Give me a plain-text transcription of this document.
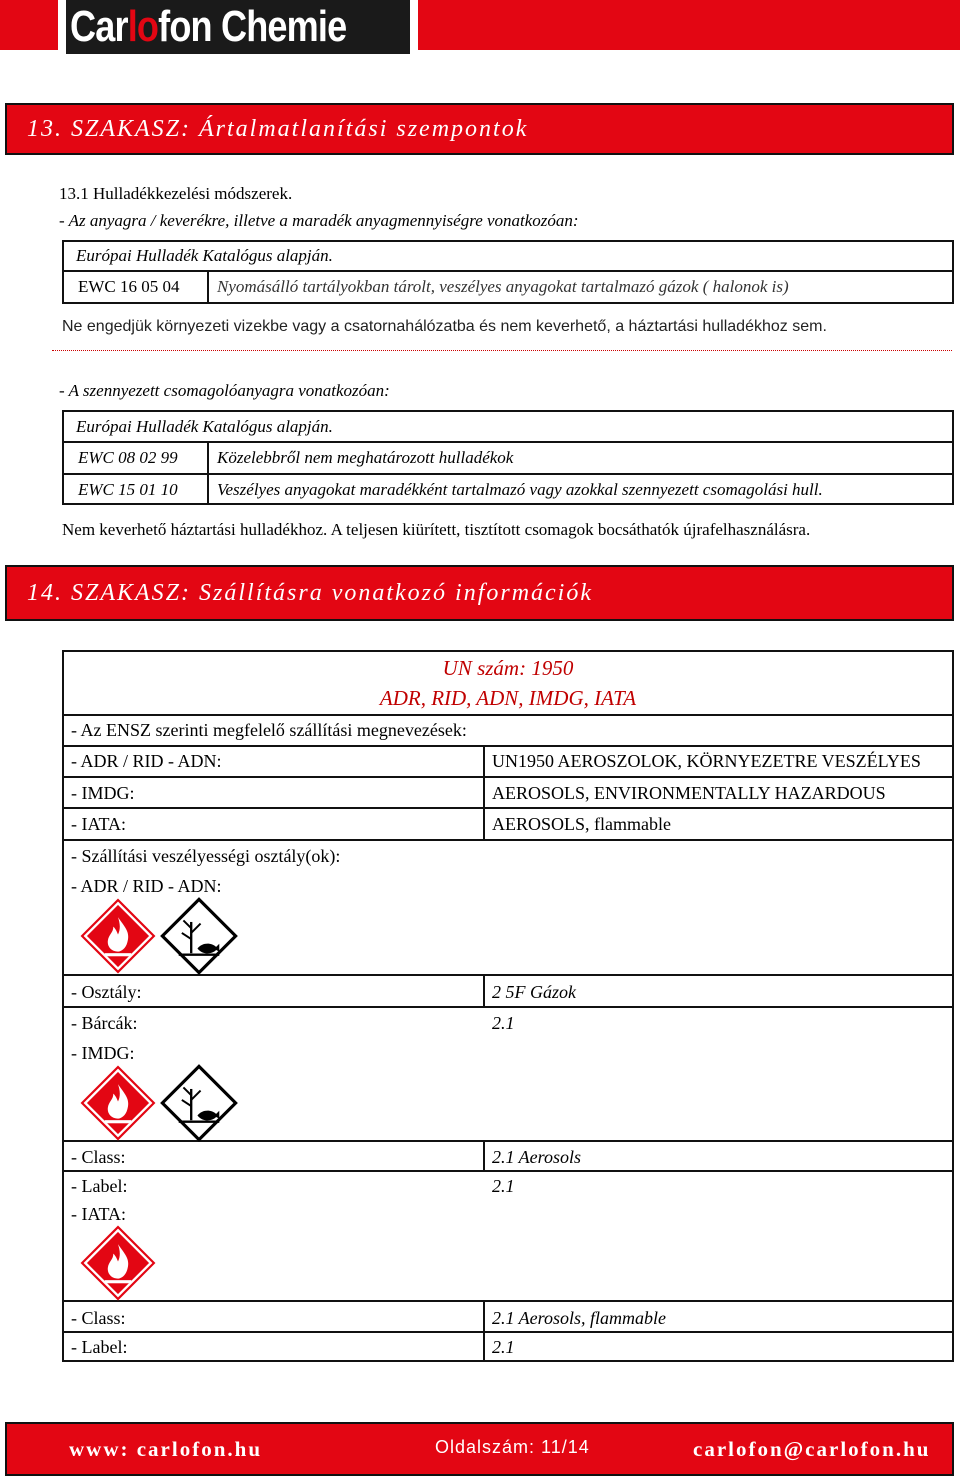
Carlofon Chemie
13. SZAKASZ: Ártalmatlanítási szempontok
13.1 Hulladékkezelési módszerek.
- Az anyagra / keverékre, illetve a maradék anyagmennyiségre vonatkozóan:
Európai Hulladék Katalógus alapján.
EWC 16 05 04 Nyomásálló tartályokban tárolt, veszélyes anyagokat tartalmazó gázok ( halonok is)
Ne engedjük környezeti vizekbe vagy a csatornahálózatba és nem keverhető, a háztartási hulladékhoz sem.
- A szennyezett csomagolóanyagra vonatkozóan:
Európai Hulladék Katalógus alapján.
EWC 08 02 99 Közelebbről nem meghatározott hulladékok
EWC 15 01 10 Veszélyes anyagokat maradékként tartalmazó vagy azokkal szennyezett csomagolási hull.
Nem keverhető háztartási hulladékhoz. A teljesen kiürített, tisztított csomagok bocsáthatók újrafelhasználásra.
14. SZAKASZ: Szállításra vonatkozó információk
UN szám: 1950
ADR, RID, ADN, IMDG, IATA
- Az ENSZ szerinti megfelelő szállítási megnevezések:
- ADR / RID - ADN:	UN1950 AEROSZOLOK, KÖRNYEZETRE VESZÉLYES
- IMDG:	AEROSOLS, ENVIRONMENTALLY HAZARDOUS
- IATA:	AEROSOLS, flammable
- Szállítási veszélyességi osztály(ok):
- ADR / RID - ADN:
- Osztály:	2 5F Gázok
- Bárcák:	2.1
- IMDG:
- Class:	2.1 Aerosols
- Label:	2.1
- IATA:
- Class:	2.1 Aerosols, flammable
- Label:	2.1
www: carlofon.hu	Oldalszám: 11/14	carlofon@carlofon.hu
